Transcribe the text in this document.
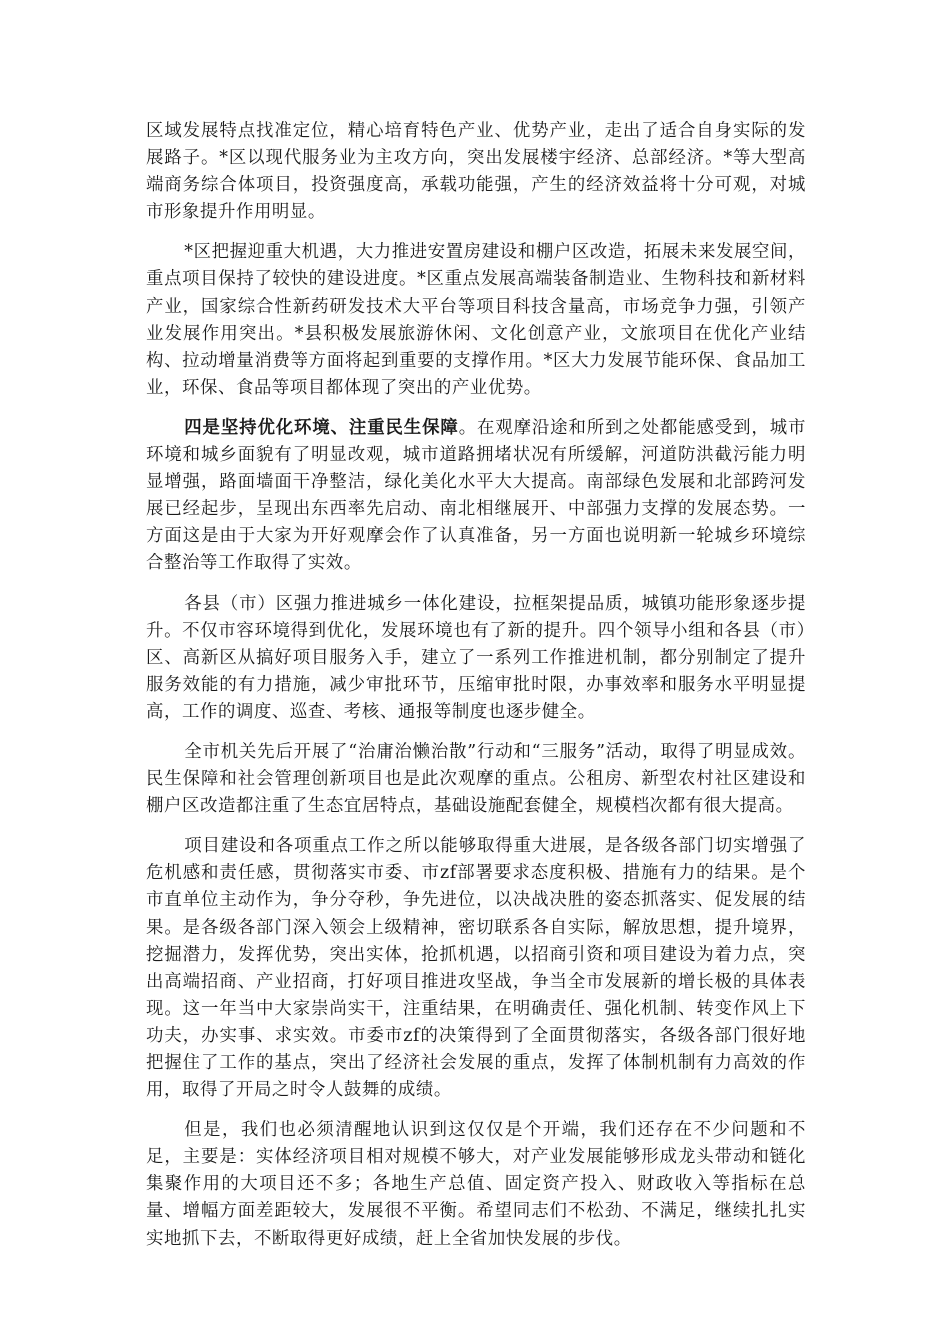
区域发展特点找准定位，精心培育特色产业、优势产业，走出了适合自身实际的发展路子。*区以现代服务业为主攻方向，突出发展楼宇经济、总部经济。*等大型高端商务综合体项目，投资强度高，承载功能强，产生的经济效益将十分可观，对城市形象提升作用明显。

*区把握迎重大机遇，大力推进安置房建设和棚户区改造，拓展未来发展空间，重点项目保持了较快的建设进度。*区重点发展高端装备制造业、生物科技和新材料产业，国家综合性新药研发技术大平台等项目科技含量高，市场竞争力强，引领产业发展作用突出。*县积极发展旅游休闲、文化创意产业，文旅项目在优化产业结构、拉动增量消费等方面将起到重要的支撑作用。*区大力发展节能环保、食品加工业，环保、食品等项目都体现了突出的产业优势。

四是坚持优化环境、注重民生保障。在观摩沿途和所到之处都能感受到，城市环境和城乡面貌有了明显改观，城市道路拥堵状况有所缓解，河道防洪截污能力明显增强，路面墙面干净整洁，绿化美化水平大大提高。南部绿色发展和北部跨河发展已经起步，呈现出东西率先启动、南北相继展开、中部强力支撑的发展态势。一方面这是由于大家为开好观摩会作了认真准备，另一方面也说明新一轮城乡环境综合整治等工作取得了实效。

各县（市）区强力推进城乡一体化建设，拉框架提品质，城镇功能形象逐步提升。不仅市容环境得到优化，发展环境也有了新的提升。四个领导小组和各县（市）区、高新区从搞好项目服务入手，建立了一系列工作推进机制，都分别制定了提升服务效能的有力措施，减少审批环节，压缩审批时限，办事效率和服务水平明显提高，工作的调度、巡查、考核、通报等制度也逐步健全。

全市机关先后开展了“治庸治懒治散”行动和“三服务”活动，取得了明显成效。民生保障和社会管理创新项目也是此次观摩的重点。公租房、新型农村社区建设和棚户区改造都注重了生态宜居特点，基础设施配套健全，规模档次都有很大提高。

项目建设和各项重点工作之所以能够取得重大进展，是各级各部门切实增强了危机感和责任感，贯彻落实市委、市zf部署要求态度积极、措施有力的结果。是个市直单位主动作为，争分夺秒，争先进位，以决战决胜的姿态抓落实、促发展的结果。是各级各部门深入领会上级精神，密切联系各自实际，解放思想，提升境界，挖掘潜力，发挥优势，突出实体，抢抓机遇，以招商引资和项目建设为着力点，突出高端招商、产业招商，打好项目推进攻坚战，争当全市发展新的增长极的具体表现。这一年当中大家崇尚实干，注重结果，在明确责任、强化机制、转变作风上下功夫，办实事、求实效。市委市zf的决策得到了全面贯彻落实，各级各部门很好地把握住了工作的基点，突出了经济社会发展的重点，发挥了体制机制有力高效的作用，取得了开局之时令人鼓舞的成绩。

但是，我们也必须清醒地认识到这仅仅是个开端，我们还存在不少问题和不足，主要是：实体经济项目相对规模不够大，对产业发展能够形成龙头带动和链化集聚作用的大项目还不多；各地生产总值、固定资产投入、财政收入等指标在总量、增幅方面差距较大，发展很不平衡。希望同志们不松劲、不满足，继续扎扎实实地抓下去，不断取得更好成绩，赶上全省加快发展的步伐。
